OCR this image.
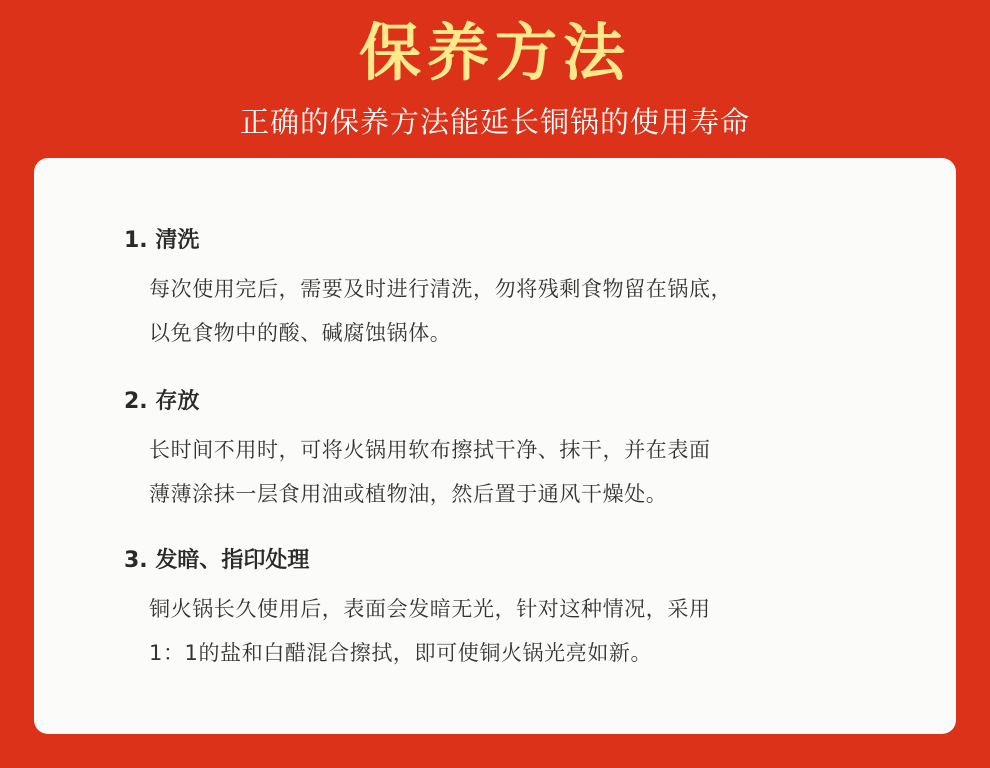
保养方法
正确的保养方法能延长铜锅的使用寿命
1. 清洗
每次使用完后，需要及时进行清洗，勿将残剩食物留在锅底，
以免食物中的酸、碱腐蚀锅体。
2. 存放
长时间不用时，可将火锅用软布擦拭干净、抹干，并在表面
薄薄涂抹一层食用油或植物油，然后置于通风干燥处。
3. 发暗、指印处理
铜火锅长久使用后，表面会发暗无光，针对这种情况，采用
1：1的盐和白醋混合擦拭，即可使铜火锅光亮如新。
